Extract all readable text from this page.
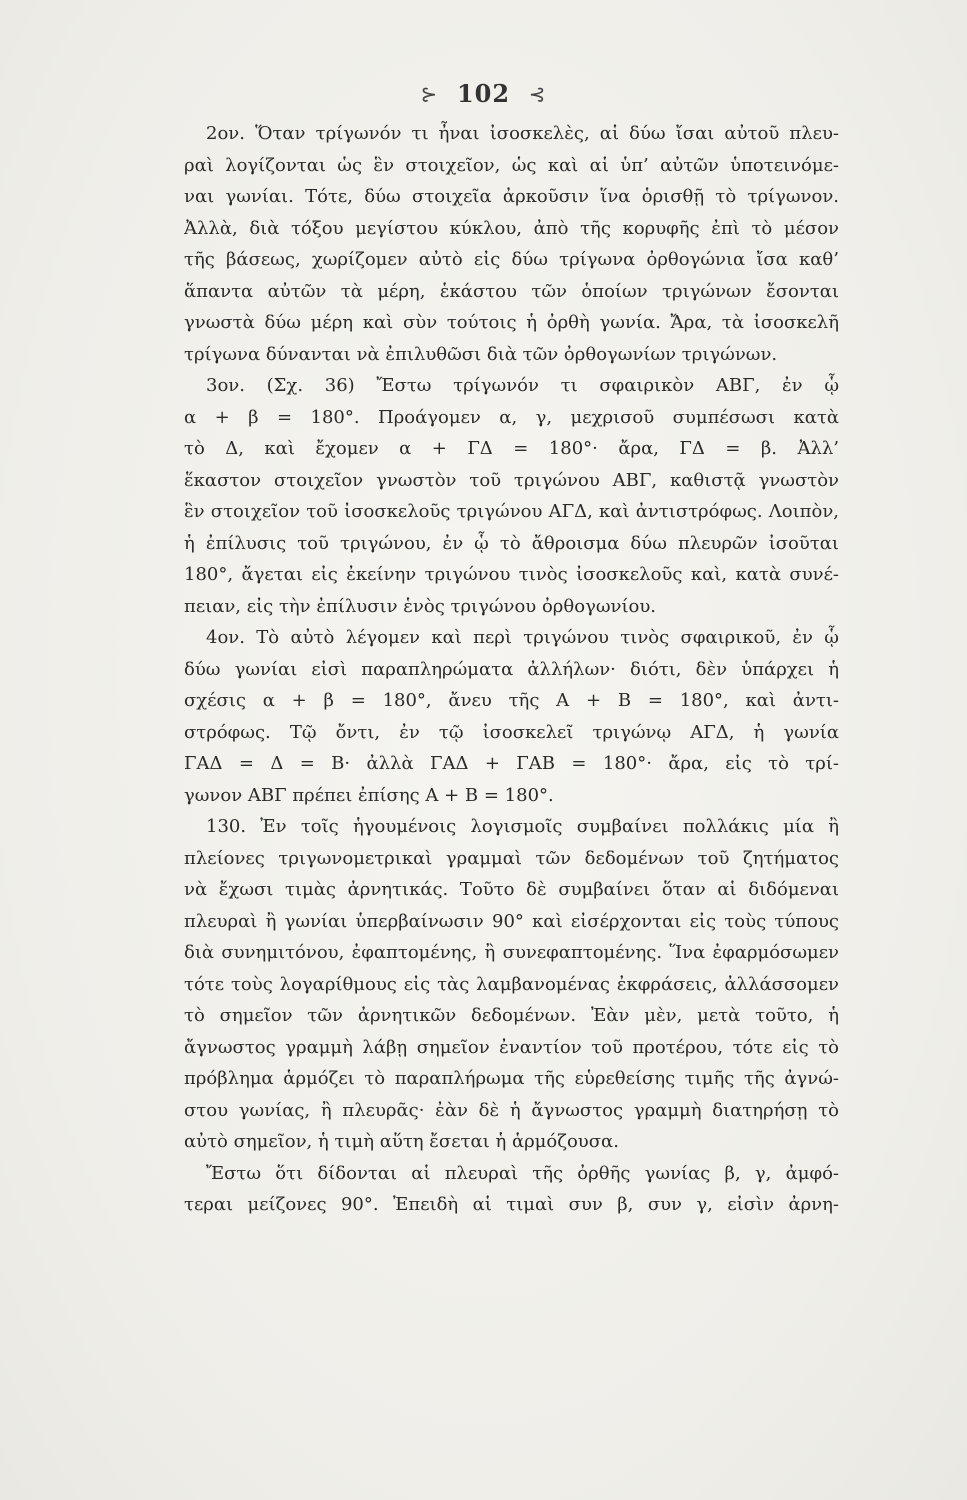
⊱ 102 ⊰
2ον. Ὅταν τρίγωνόν τι ἦναι ἰσοσκελὲς, αἱ δύω ἴσαι αὐτοῦ πλευ-
ραὶ λογίζονται ὡς ἓν στοιχεῖον, ὡς καὶ αἱ ὑπ’ αὐτῶν ὑποτεινόμε-
ναι γωνίαι. Τότε, δύω στοιχεῖα ἀρκοῦσιν ἵνα ὁρισθῇ τὸ τρίγωνον.
Ἀλλὰ, διὰ τόξου μεγίστου κύκλου, ἀπὸ τῆς κορυφῆς ἐπὶ τὸ μέσον
τῆς βάσεως, χωρίζομεν αὐτὸ εἰς δύω τρίγωνα ὀρθογώνια ἴσα καθ’
ἅπαντα αὐτῶν τὰ μέρη, ἑκάστου τῶν ὁποίων τριγώνων ἔσονται
γνωστὰ δύω μέρη καὶ σὺν τούτοις ἡ ὀρθὴ γωνία. Ἄρα, τὰ ἰσοσκελῆ
τρίγωνα δύνανται νὰ ἐπιλυθῶσι διὰ τῶν ὀρθογωνίων τριγώνων.
3ον. (Σχ. 36) Ἔστω τρίγωνόν τι σφαιρικὸν ΑΒΓ, ἐν ᾧ
α + β = 180°. Προάγομεν α, γ, μεχρισοῦ συμπέσωσι κατὰ
τὸ Δ, καὶ ἔχομεν α + ΓΔ = 180°· ἄρα, ΓΔ = β. Ἀλλ’
ἕκαστον στοιχεῖον γνωστὸν τοῦ τριγώνου ΑΒΓ, καθιστᾷ γνωστὸν
ἓν στοιχεῖον τοῦ ἰσοσκελοῦς τριγώνου ΑΓΔ, καὶ ἀντιστρόφως. Λοιπὸν,
ἡ ἐπίλυσις τοῦ τριγώνου, ἐν ᾧ τὸ ἄθροισμα δύω πλευρῶν ἰσοῦται
180°, ἄγεται εἰς ἐκείνην τριγώνου τινὸς ἰσοσκελοῦς καὶ, κατὰ συνέ-
πειαν, εἰς τὴν ἐπίλυσιν ἑνὸς τριγώνου ὀρθογωνίου.
4ον. Τὸ αὐτὸ λέγομεν καὶ περὶ τριγώνου τινὸς σφαιρικοῦ, ἐν ᾧ
δύω γωνίαι εἰσὶ παραπληρώματα ἀλλήλων· διότι, δὲν ὑπάρχει ἡ
σχέσις α + β = 180°, ἄνευ τῆς Α + Β = 180°, καὶ ἀντι-
στρόφως. Τῷ ὄντι, ἐν τῷ ἰσοσκελεῖ τριγώνῳ ΑΓΔ, ἡ γωνία
ΓΑΔ = Δ = Β· ἀλλὰ ΓΑΔ + ΓΑΒ = 180°· ἄρα, εἰς τὸ τρί-
γωνον ΑΒΓ πρέπει ἐπίσης Α + Β = 180°.
130. Ἐν τοῖς ἡγουμένοις λογισμοῖς συμβαίνει πολλάκις μία ἢ
πλείονες τριγωνομετρικαὶ γραμμαὶ τῶν δεδομένων τοῦ ζητήματος
νὰ ἔχωσι τιμὰς ἀρνητικάς. Τοῦτο δὲ συμβαίνει ὅταν αἱ διδόμεναι
πλευραὶ ἢ γωνίαι ὑπερβαίνωσιν 90° καὶ εἰσέρχονται εἰς τοὺς τύπους
διὰ συνημιτόνου, ἐφαπτομένης, ἢ συνεφαπτομένης. Ἵνα ἐφαρμόσωμεν
τότε τοὺς λογαρίθμους εἰς τὰς λαμβανομένας ἐκφράσεις, ἀλλάσσομεν
τὸ σημεῖον τῶν ἀρνητικῶν δεδομένων. Ἐὰν μὲν, μετὰ τοῦτο, ἡ
ἄγνωστος γραμμὴ λάβῃ σημεῖον ἐναντίον τοῦ προτέρου, τότε εἰς τὸ
πρόβλημα ἁρμόζει τὸ παραπλήρωμα τῆς εὑρεθείσης τιμῆς τῆς ἀγνώ-
στου γωνίας, ἢ πλευρᾶς· ἐὰν δὲ ἡ ἄγνωστος γραμμὴ διατηρήσῃ τὸ
αὐτὸ σημεῖον, ἡ τιμὴ αὕτη ἔσεται ἡ ἁρμόζουσα.
Ἔστω ὅτι δίδονται αἱ πλευραὶ τῆς ὀρθῆς γωνίας β, γ, ἀμφό-
τεραι μείζονες 90°. Ἐπειδὴ αἱ τιμαὶ συν β, συν γ, εἰσὶν ἀρνη-
